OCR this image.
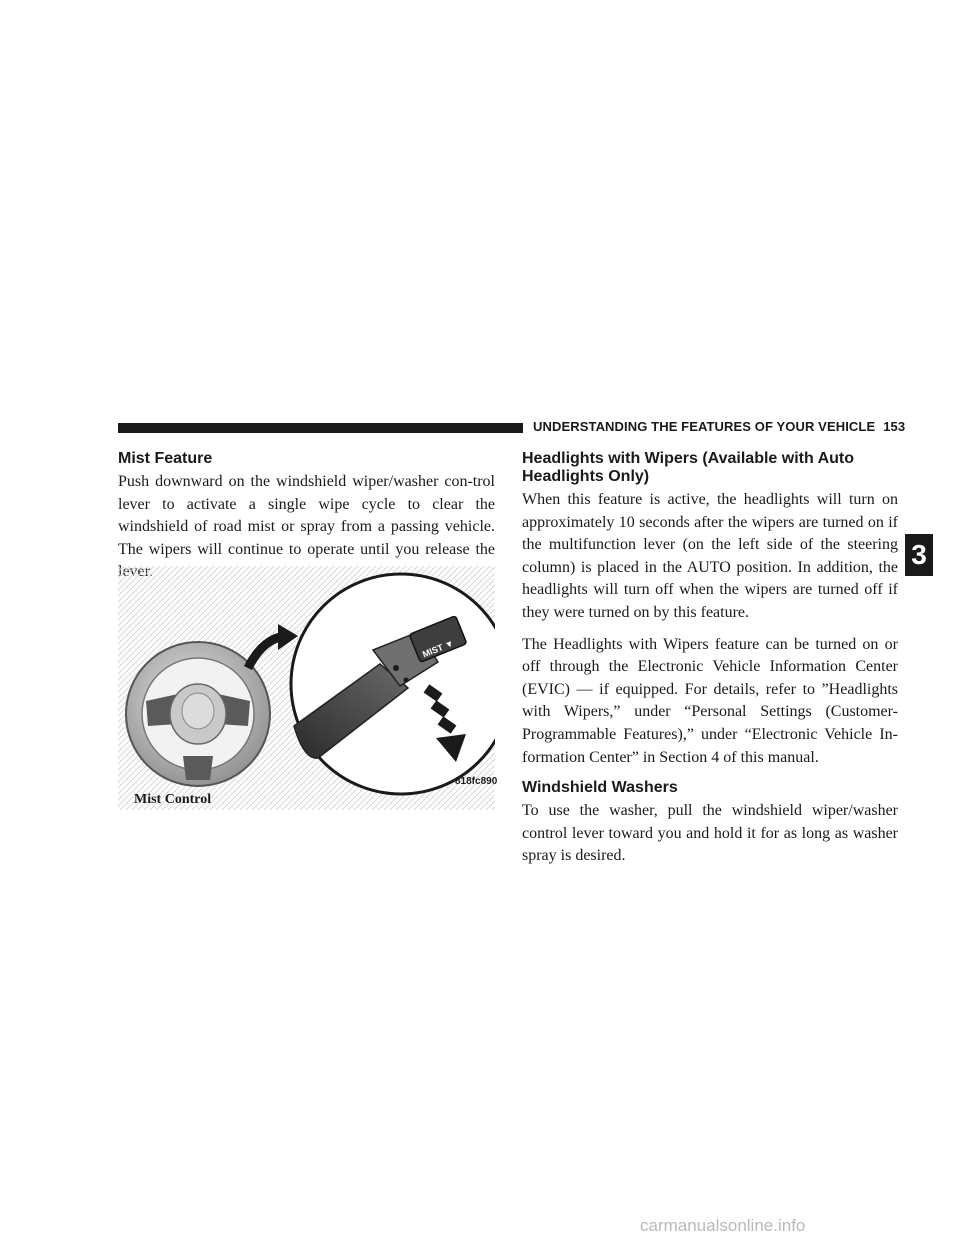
UNDERSTANDING THE FEATURES OF YOUR VEHICLE 153
Mist Feature

Push downward on the windshield wiper/washer con-trol lever to activate a single wipe cycle to clear the windshield of road mist or spray from a passing vehicle. The wipers will continue to operate until you release the

MIST ▼
818fc890
Mist Control
Headlights with Wipers (Available with Auto Headlights Only)

When this feature is active, the headlights will turn on approximately 10 seconds after the wipers are turned on if the multifunction lever (on the left side of the steering column) is placed in the AUTO position. In addition, the headlights will turn off when the wipers are turned off if they were turned on by this feature.

The Headlights with Wipers feature can be turned on or off through the Electronic Vehicle Information Center (EVIC) — if equipped. For details, refer to ”Headlights with Wipers,” under “Personal Settings (Customer-Programmable Features),” under “Electronic Vehicle In-formation Center” in Section 4 of this manual.

Windshield Washers

To use the washer, pull the windshield wiper/washer control lever toward you and hold it for as long as washer spray is desired.

3
carmanualsonline.info
